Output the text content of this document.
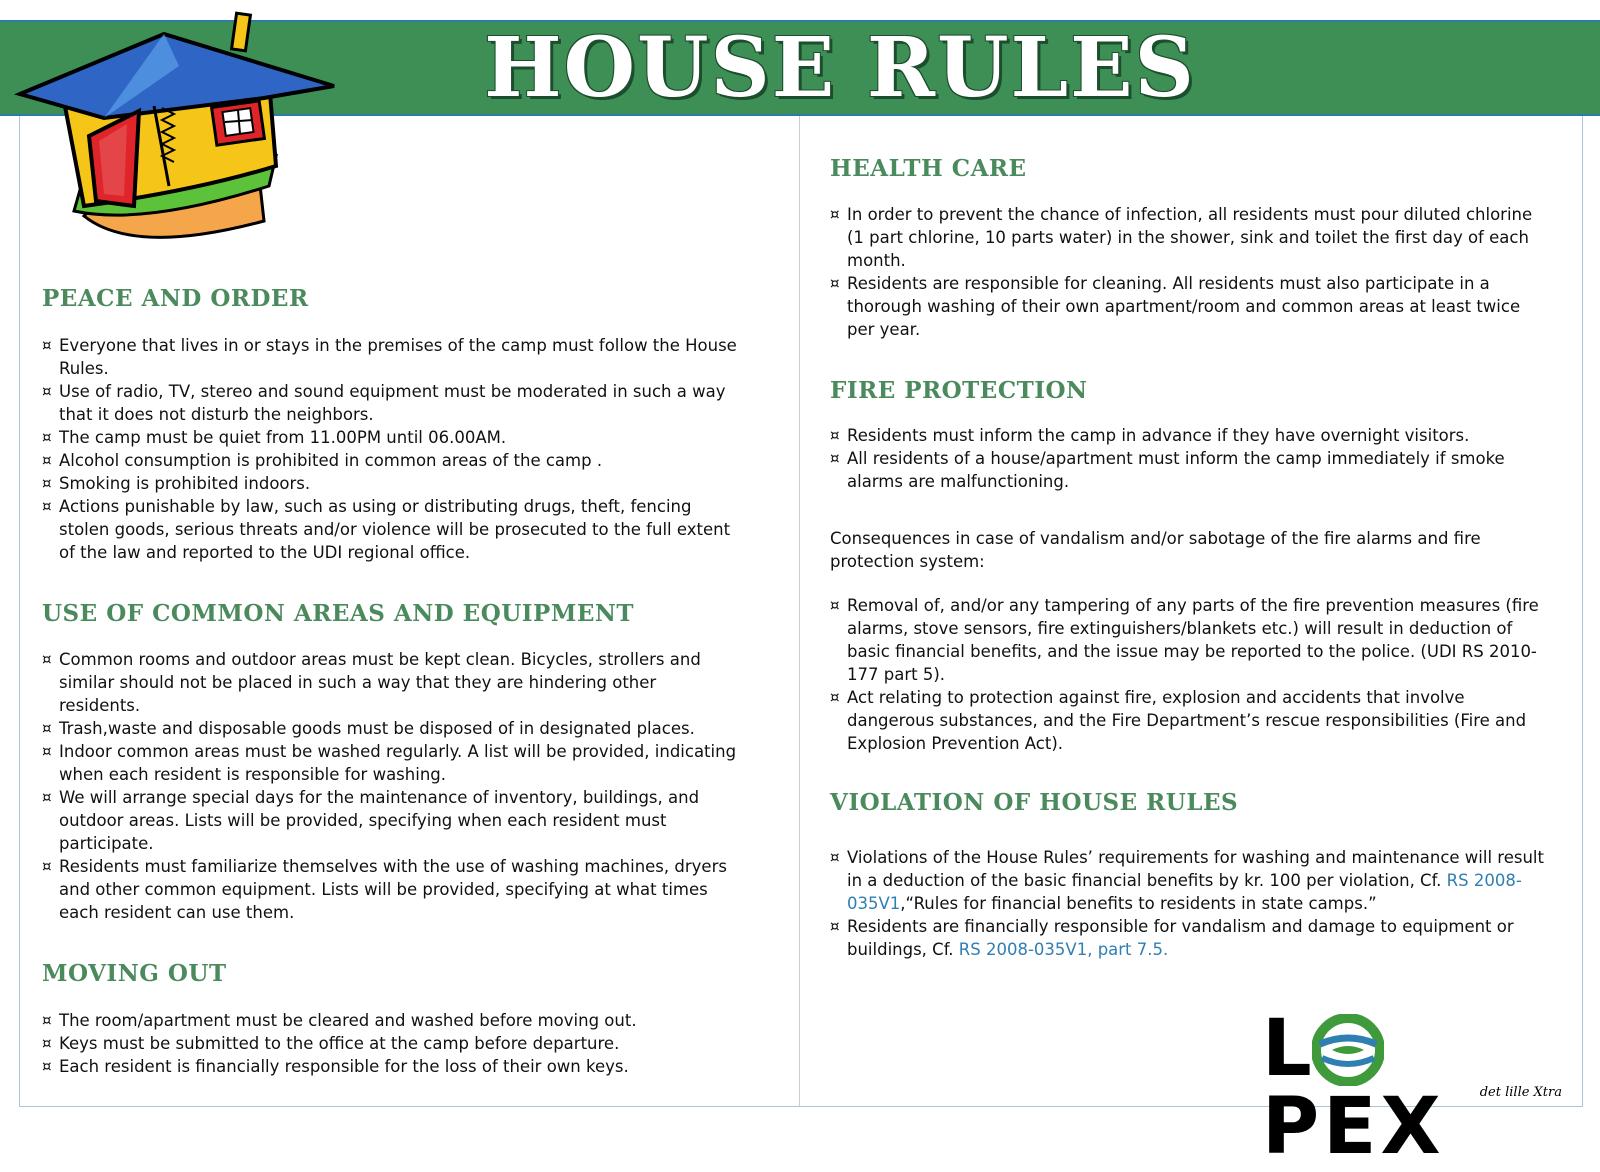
HOUSE RULES
PEACE AND ORDER
¤ Everyone that lives in or stays in the premises of the camp must follow the House Rules.
¤ Use of radio, TV, stereo and sound equipment must be moderated in such a way that it does not disturb the neighbors.
¤ The camp must be quiet from 11.00PM until 06.00AM.
¤ Alcohol consumption is prohibited in common areas of the camp .
¤ Smoking is prohibited indoors.
¤ Actions punishable by law, such as using or distributing drugs, theft, fencing stolen goods, serious threats and/or violence will be prosecuted to the full extent of the law and reported to the UDI regional office.
USE OF COMMON AREAS AND EQUIPMENT
¤ Common rooms and outdoor areas must be kept clean. Bicycles, strollers and similar should not be placed in such a way that they are hindering other residents.
¤ Trash,waste and disposable goods must be disposed of in designated places.
¤ Indoor common areas must be washed regularly. A list will be provided, indicating when each resident is responsible for washing.
¤ We will arrange special days for the maintenance of inventory, buildings, and outdoor areas. Lists will be provided, specifying when each resident must participate.
¤ Residents must familiarize themselves with the use of washing machines, dryers and other common equipment. Lists will be provided, specifying at what times each resident can use them.
MOVING OUT
¤ The room/apartment must be cleared and washed before moving out.
¤ Keys must be submitted to the office at the camp before departure.
¤ Each resident is financially responsible for the loss of their own keys.
HEALTH CARE
¤ In order to prevent the chance of infection, all residents must pour diluted chlorine (1 part chlorine, 10 parts water) in the shower, sink and toilet the first day of each month.
¤ Residents are responsible for cleaning. All residents must also participate in a thorough washing of their own apartment/room and common areas at least twice per year.
FIRE PROTECTION
¤ Residents must inform the camp in advance if they have overnight visitors.
¤ All residents of a house/apartment must inform the camp immediately if smoke alarms are malfunctioning.

Consequences in case of vandalism and/or sabotage of the fire alarms and fire protection system:

¤ Removal of, and/or any tampering of any parts of the fire prevention measures (fire alarms, stove sensors, fire extinguishers/blankets etc.) will result in deduction of basic financial benefits, and the issue may be reported to the police. (UDI RS 2010-177 part 5).
¤ Act relating to protection against fire, explosion and accidents that involve dangerous substances, and the Fire Department’s rescue responsibilities (Fire and Explosion Prevention Act).
VIOLATION OF HOUSE RULES
¤ Violations of the House Rules’ requirements for washing and maintenance will result in a deduction of the basic financial benefits by kr. 100 per violation, Cf. RS 2008-035V1,“Rules for financial benefits to residents in state camps.”
¤ Residents are financially responsible for vandalism and damage to equipment or buildings, Cf. RS 2008-035V1, part 7.5.
LPEX	det lille Xtra
